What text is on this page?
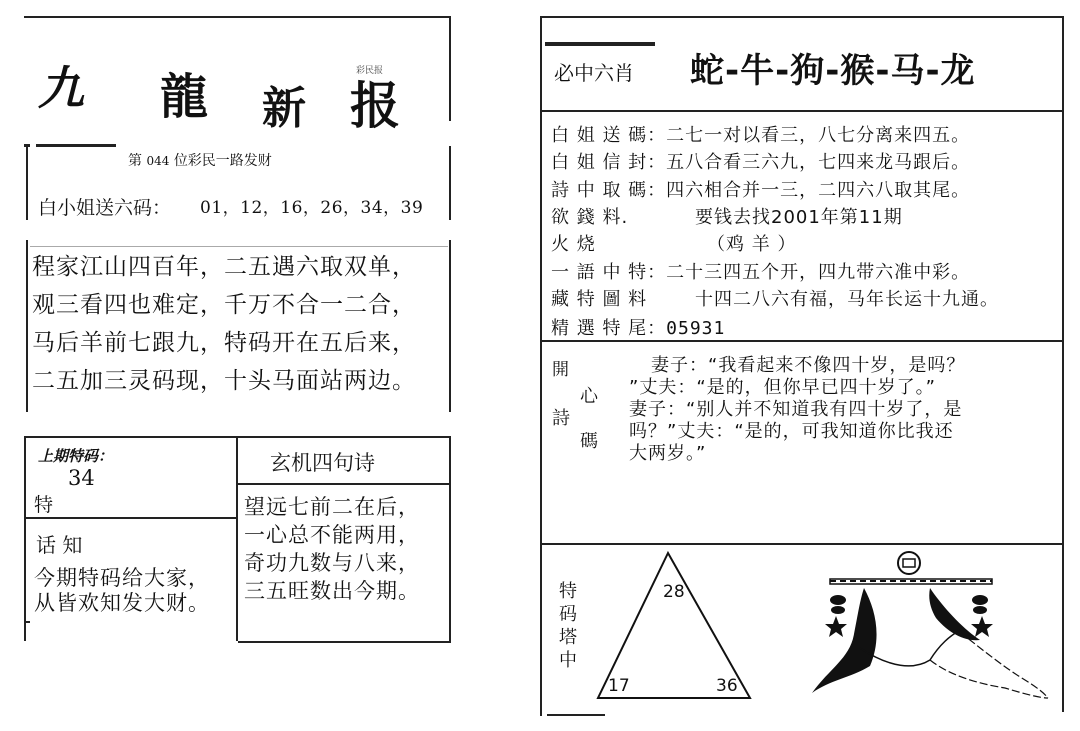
九 龍 新 报
彩民报
第 044 位彩民一路发财
白小姐送六码： 01，12，16，26，34，39
程家江山四百年，二五遇六取双单，
观三看四也难定，千万不合一二合，
马后羊前七跟九，特码开在五后来，
二五加三灵码现，十头马面站两边。
上期特码：
34
特
玄机四句诗
望远七前二在后，
一心总不能两用，
奇功九数与八来，
三五旺数出今期。
话 知
今期特码给大家，
从皆欢知发大财。
必中六肖 蛇-牛-狗-猴-马-龙
白 姐 送 碼：二七一对以看三，八七分离来四五。
白 姐 信 封：五八合看三六九，七四来龙马跟后。
詩 中 取 碼：四六相合并一三，二四六八取其尾。
欲 錢 料.	要钱去找2001年第11期
火 烧	（鸡 羊 ）
一 語 中 特：二十三四五个开，四九带六准中彩。
藏 特 圖 料	十四二八六有福，马年长运十九通。
精 選 特 尾：05931
開
心
詩
碼
妻子：“我看起来不像四十岁，是吗？
”丈夫：“是的，但你早已四十岁了。”
妻子：“别人并不知道我有四十岁了，是
吗？”丈夫：“是的，可我知道你比我还
大两岁。”
特
码
塔
中
28
17	36
